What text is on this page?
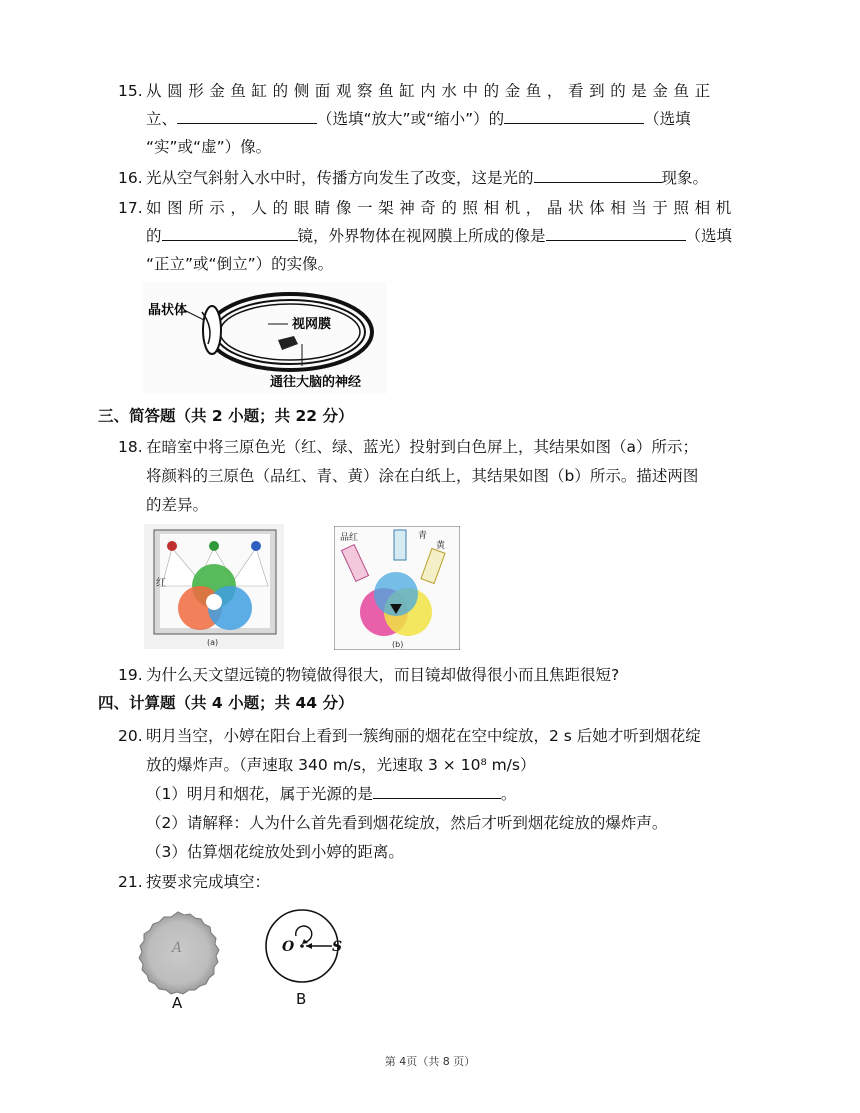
15. 从圆形金鱼缸的侧面观察鱼缸内水中的金鱼，看到的是金鱼正
立、	（选填“放大”或“缩小”）的	（选填
“实”或“虚”）像。
16. 光从空气斜射入水中时，传播方向发生了改变，这是光的	现象。
17. 如图所示，人的眼睛像一架神奇的照相机，晶状体相当于照相机
的	镜，外界物体在视网膜上所成的像是	（选填
“正立”或“倒立”）的实像。
晶状体
视网膜
通往大脑的神经
三、简答题（共 2 小题；共 22 分）
18. 在暗室中将三原色光（红、绿、蓝光）投射到白色屏上，其结果如图（a）所示；
将颜料的三原色（品红、青、黄）涂在白纸上，其结果如图（b）所示。描述两图
的差异。
红
(a)
品红	青
黄
(b)
19. 为什么天文望远镜的物镜做得很大，而目镜却做得很小而且焦距很短?
四、计算题（共 4 小题；共 44 分）
20. 明月当空，小婷在阳台上看到一簇绚丽的烟花在空中绽放，2 s 后她才听到烟花绽
放的爆炸声。（声速取 340 m/s，光速取 3 × 10⁸ m/s）
（1）明月和烟花，属于光源的是	。
（2）请解释：人为什么首先看到烟花绽放，然后才听到烟花绽放的爆炸声。
（3）估算烟花绽放处到小婷的距离。
21. 按要求完成填空：
A
A
O	S
B
第 4页（共 8 页）
